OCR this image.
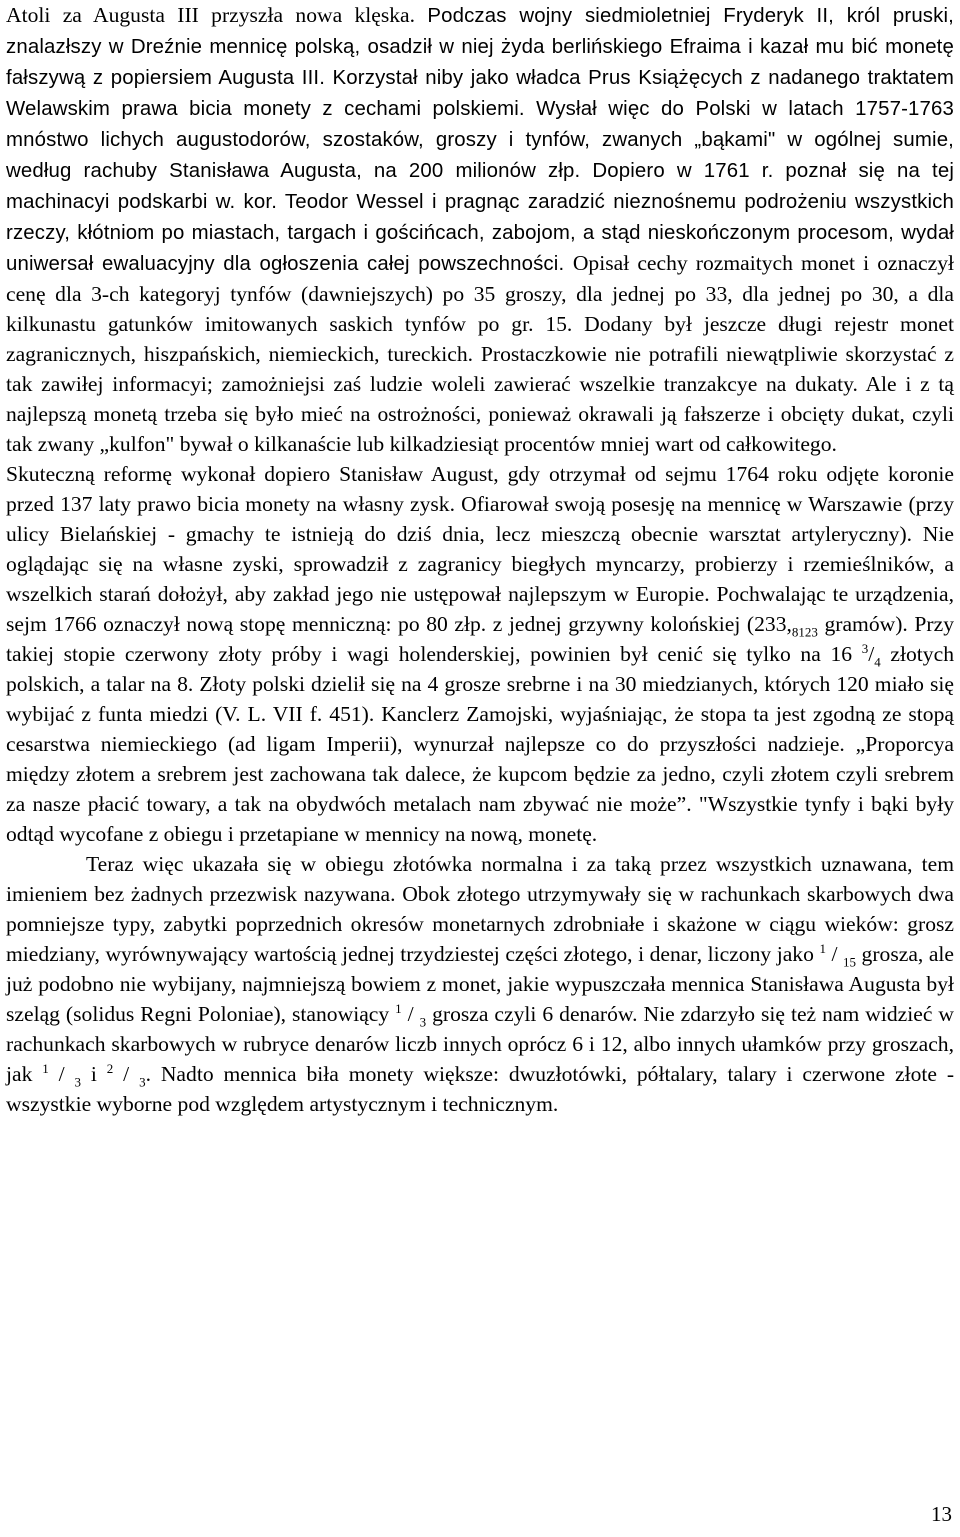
Atoli za Augusta III przyszła nowa klęska. Podczas wojny siedmioletniej Fryderyk II, król pruski, znalazłszy w Dreźnie mennicę polską, osadził w niej żyda berlińskiego Efraima i kazał mu bić monetę fałszywą z popiersiem Augusta III. Korzystał niby jako władca Prus Książęcych z nadanego traktatem Welawskim prawa bicia monety z cechami polskiemi. Wysłał więc do Polski w latach 1757-1763 mnóstwo lichych augustodorów, szostaków, groszy i tynfów, zwanych „bąkami" w ogólnej sumie, według rachuby Stanisława Augusta, na 200 milionów złp. Dopiero w 1761 r. poznał się na tej machinacyi podskarbi w. kor. Teodor Wessel i pragnąc zaradzić nieznośnemu podrożeniu wszystkich rzeczy, kłótniom po miastach, targach i gościńcach, zabojom, a stąd nieskończonym procesom, wydał uniwersał ewaluacyjny dla ogłoszenia całej powszechności. Opisał cechy rozmaitych monet i oznaczył cenę dla 3-ch kategoryj tynfów (dawniejszych) po 35 groszy, dla jednej po 33, dla jednej po 30, a dla kilkunastu gatunków imitowanych saskich tynfów po gr. 15. Dodany był jeszcze długi rejestr monet zagranicznych, hiszpańskich, niemieckich, tureckich. Prostaczkowie nie potrafili niewątpliwie skorzystać z tak zawiłej informacyi; zamożniejsi zaś ludzie woleli zawierać wszelkie tranzakcye na dukaty. Ale i z tą najlepszą monetą trzeba się było mieć na ostrożności, ponieważ okrawali ją fałszerze i obcięty dukat, czyli tak zwany „kulfon" bywał o kilkanaście lub kilkadziesiąt procentów mniej wart od całkowitego.

Skuteczną reformę wykonał dopiero Stanisław August, gdy otrzymał od sejmu 1764 roku odjęte koronie przed 137 laty prawo bicia monety na własny zysk. Ofiarował swoją posesję na mennicę w Warszawie (przy ulicy Bielańskiej - gmachy te istnieją do dziś dnia, lecz mieszczą obecnie warsztat artyleryczny). Nie oglądając się na własne zyski, sprowadził z zagranicy biegłych myncarzy, probierzy i rzemieślników, a wszelkich starań dołożył, aby zakład jego nie ustępował najlepszym w Europie. Pochwalając te urządzenia, sejm 1766 oznaczył nową stopę menniczną: po 80 złp. z jednej grzywny kolońskiej ($233,_{8123}$ gramów). Przy takiej stopie czerwony złoty próby i wagi holenderskiej, powinien był cenić się tylko na 16 $^3/_4$ złotych polskich, a talar na 8. Złoty polski dzielił się na 4 grosze srebrne i na 30 miedzianych, których 120 miało się wybijać z funta miedzi (V. L. VII f. 451). Kanclerz Zamojski, wyjaśniając, że stopa ta jest zgodną ze stopą cesarstwa niemieckiego (ad ligam Imperii), wynurzał najlepsze co do przyszłości nadzieje. „Proporcya między złotem a srebrem jest zachowana tak dalece, że kupcom będzie za jedno, czyli złotem czyli srebrem za nasze płacić towary, a tak na obydwóch metalach nam zbywać nie może”. "Wszystkie tynfy i bąki były odtąd wycofane z obiegu i przetapiane w mennicy na nową, monetę.

Teraz więc ukazała się w obiegu złotówka normalna i za taką przez wszystkich uznawana, tem imieniem bez żadnych przezwisk nazywana. Obok złotego utrzymywały się w rachunkach skarbowych dwa pomniejsze typy, zabytki poprzednich okresów monetarnych zdrobniałe i skażone w ciągu wieków: grosz miedziany, wyrównywający wartością jednej trzydziestej części złotego, i denar, liczony jako $^1$ / $_{15}$ grosza, ale już podobno nie wybijany, najmniejszą bowiem z monet, jakie wypuszczała mennica Stanisława Augusta był szeląg (solidus Regni Poloniae), stanowiący $^1$ / $_3$ grosza czyli 6 denarów. Nie zdarzyło się też nam widzieć w rachunkach skarbowych w rubryce denarów liczb innych oprócz 6 i 12, albo innych ułamków przy groszach, jak $^1$ / $_3$ i $^2$ / $_3$. Nadto mennica biła monety większe: dwuzłotówki, półtalary, talary i czerwone złote - wszystkie wyborne pod względem artystycznym i technicznym.

13
